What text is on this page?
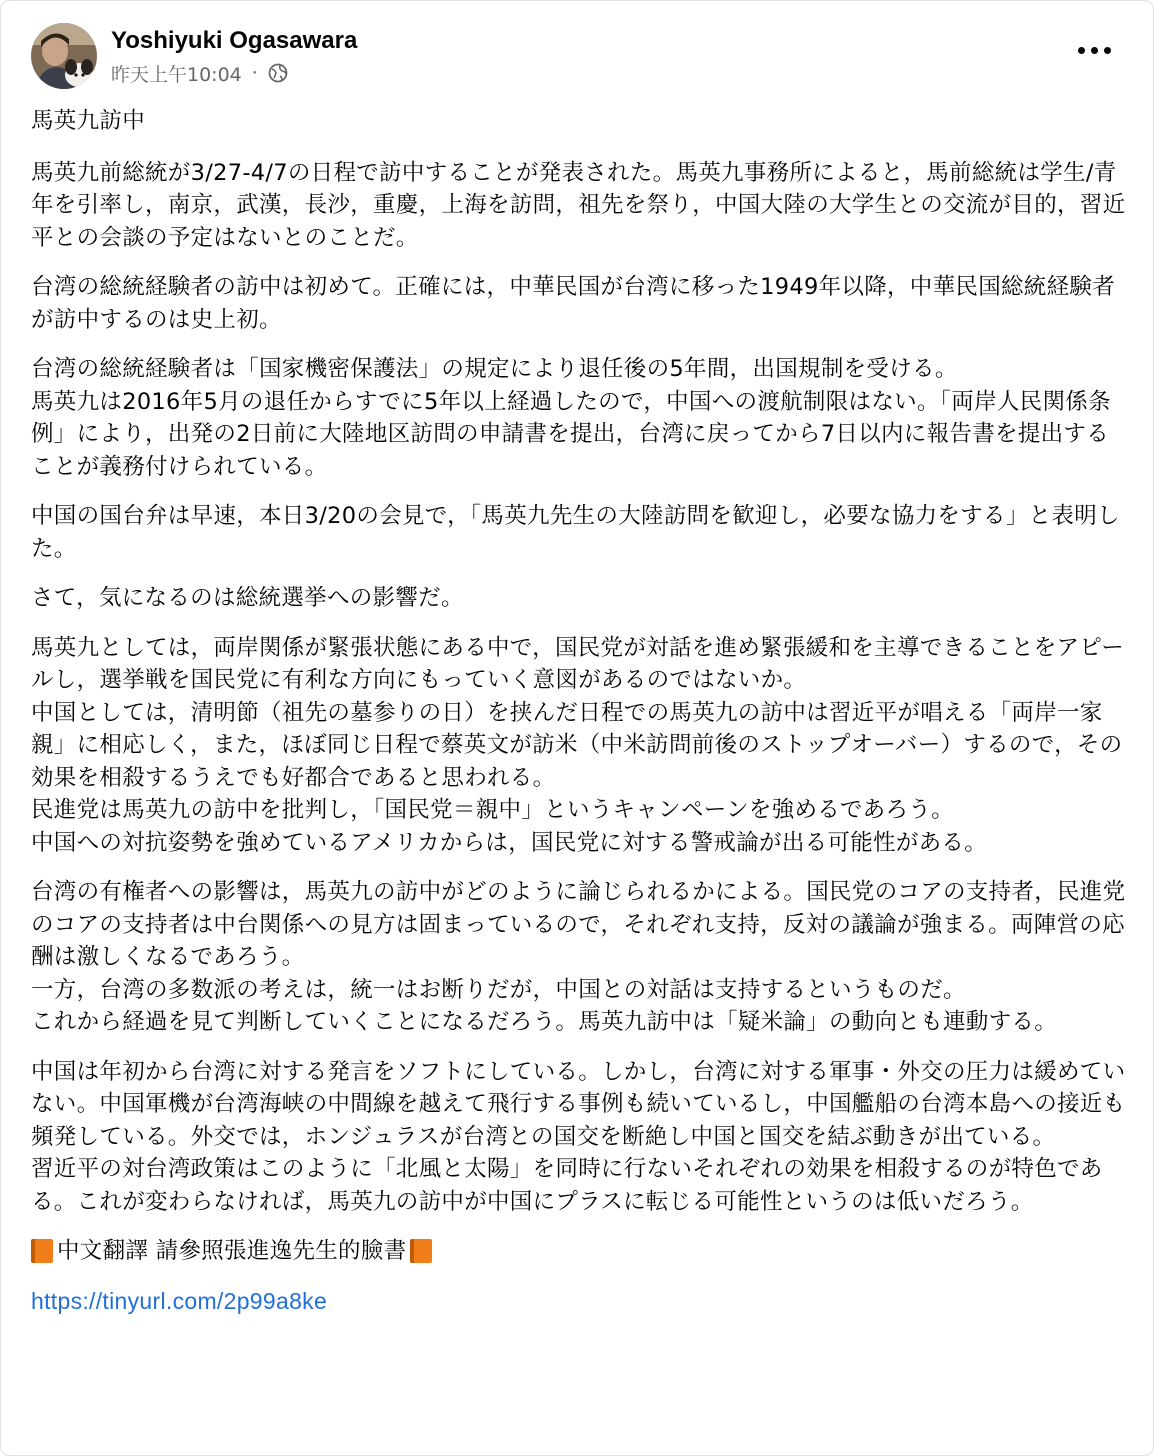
Yoshiyuki Ogasawara
昨天上午10:04 ·

馬英九訪中

馬英九前総統が3/27-4/7の日程で訪中することが発表された。馬英九事務所によると，馬前総統は学生/青年を引率し，南京，武漢，長沙，重慶，上海を訪問，祖先を祭り，中国大陸の大学生との交流が目的，習近平との会談の予定はないとのことだ。

台湾の総統経験者の訪中は初めて。正確には，中華民国が台湾に移った1949年以降，中華民国総統経験者が訪中するのは史上初。

台湾の総統経験者は「国家機密保護法」の規定により退任後の5年間，出国規制を受ける。
馬英九は2016年5月の退任からすでに5年以上経過したので，中国への渡航制限はない。「両岸人民関係条例」により，出発の2日前に大陸地区訪問の申請書を提出，台湾に戻ってから7日以内に報告書を提出することが義務付けられている。

中国の国台弁は早速，本日3/20の会見で，「馬英九先生の大陸訪問を歓迎し，必要な協力をする」と表明した。

さて，気になるのは総統選挙への影響だ。

馬英九としては，両岸関係が緊張状態にある中で，国民党が対話を進め緊張緩和を主導できることをアピールし，選挙戦を国民党に有利な方向にもっていく意図があるのではないか。
中国としては，清明節（祖先の墓参りの日）を挟んだ日程での馬英九の訪中は習近平が唱える「両岸一家親」に相応しく，また，ほぼ同じ日程で蔡英文が訪米（中米訪問前後のストップオーバー）するので，その効果を相殺するうえでも好都合であると思われる。
民進党は馬英九の訪中を批判し，「国民党＝親中」というキャンペーンを強めるであろう。
中国への対抗姿勢を強めているアメリカからは，国民党に対する警戒論が出る可能性がある。

台湾の有権者への影響は，馬英九の訪中がどのように論じられるかによる。国民党のコアの支持者，民進党のコアの支持者は中台関係への見方は固まっているので，それぞれ支持，反対の議論が強まる。両陣営の応酬は激しくなるであろう。
一方，台湾の多数派の考えは，統一はお断りだが，中国との対話は支持するというものだ。
これから経過を見て判断していくことになるだろう。馬英九訪中は「疑米論」の動向とも連動する。

中国は年初から台湾に対する発言をソフトにしている。しかし，台湾に対する軍事・外交の圧力は緩めていない。中国軍機が台湾海峡の中間線を越えて飛行する事例も続いているし，中国艦船の台湾本島への接近も頻発している。外交では，ホンジュラスが台湾との国交を断絶し中国と国交を結ぶ動きが出ている。
習近平の対台湾政策はこのように「北風と太陽」を同時に行ないそれぞれの効果を相殺するのが特色である。これが変わらなければ，馬英九の訪中が中国にプラスに転じる可能性というのは低いだろう。

中文翻譯 請參照張進逸先生的臉書

https://tinyurl.com/2p99a8ke
